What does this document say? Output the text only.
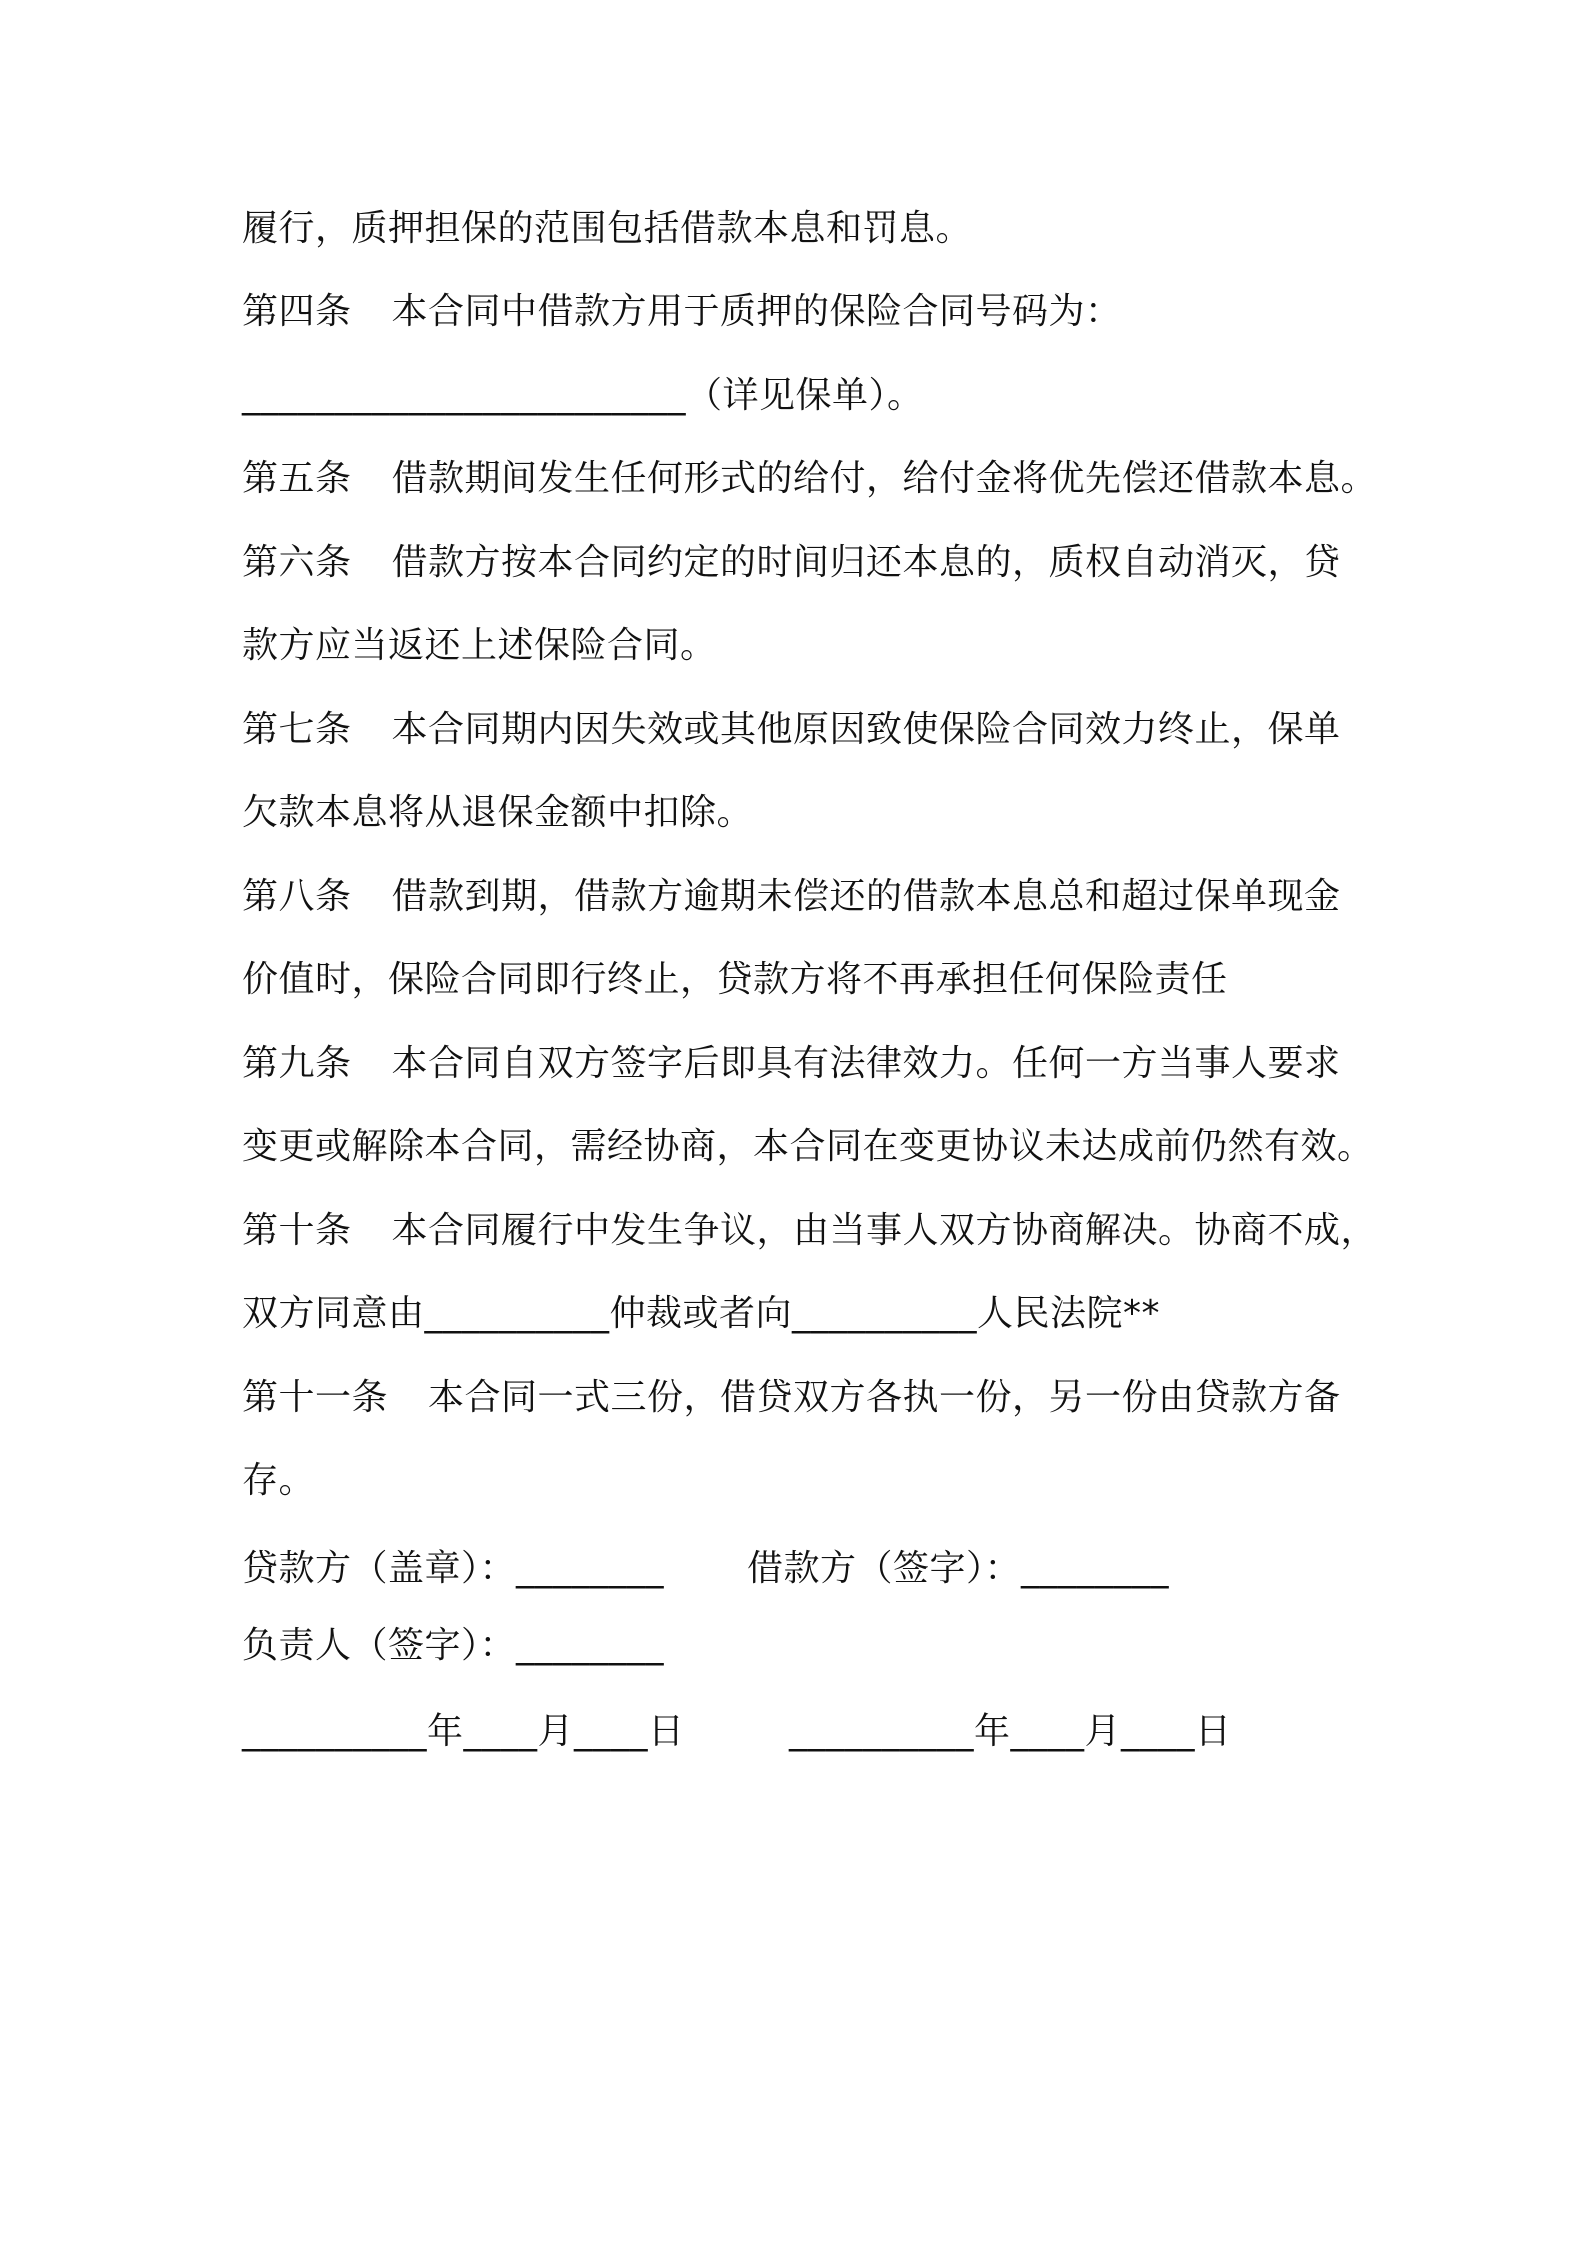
履行，质押担保的范围包括借款本息和罚息。
第四条 本合同中借款方用于质押的保险合同号码为：
________________________（详见保单）。
第五条 借款期间发生任何形式的给付，给付金将优先偿还借款本息。
第六条 借款方按本合同约定的时间归还本息的，质权自动消灭，贷
款方应当返还上述保险合同。
第七条 本合同期内因失效或其他原因致使保险合同效力终止，保单
欠款本息将从退保金额中扣除。
第八条 借款到期，借款方逾期未偿还的借款本息总和超过保单现金
价值时，保险合同即行终止，贷款方将不再承担任何保险责任
第九条 本合同自双方签字后即具有法律效力。任何一方当事人要求
变更或解除本合同，需经协商，本合同在变更协议未达成前仍然有效。
第十条 本合同履行中发生争议，由当事人双方协商解决。协商不成，
双方同意由__________仲裁或者向__________人民法院**
第十一条 本合同一式三份，借贷双方各执一份，另一份由贷款方备
存。
贷款方（盖章）：________ 借款方（签字）：________
负责人（签字）：________
__________年____月____日	__________年____月____日
